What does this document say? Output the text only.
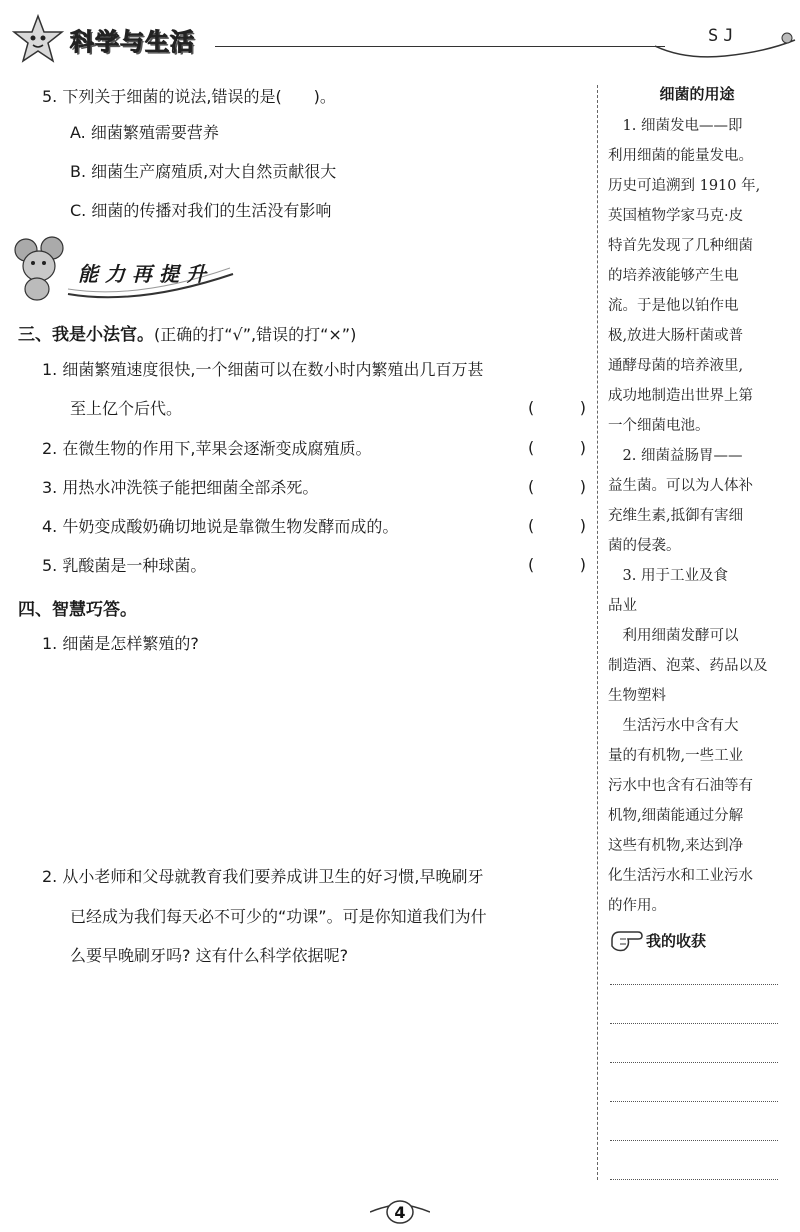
科学与生活	SJ
5. 下列关于细菌的说法,错误的是(　　)。
A. 细菌繁殖需要营养
B. 细菌生产腐殖质,对大自然贡献很大
C. 细菌的传播对我们的生活没有影响
能力再提升
三、我是小法官。(正确的打“√”,错误的打“×”)
1. 细菌繁殖速度很快,一个细菌可以在数小时内繁殖出几百万甚
至上亿个后代。	(	)
2. 在微生物的作用下,苹果会逐渐变成腐殖质。	(	)
3. 用热水冲洗筷子能把细菌全部杀死。	(	)
4. 牛奶变成酸奶确切地说是靠微生物发酵而成的。	(	)
5. 乳酸菌是一种球菌。	(	)
四、智慧巧答。
1. 细菌是怎样繁殖的?
2. 从小老师和父母就教育我们要养成讲卫生的好习惯,早晚刷牙
已经成为我们每天必不可少的“功课”。可是你知道我们为什
么要早晚刷牙吗? 这有什么科学依据呢?
细菌的用途
　1. 细菌发电——即
利用细菌的能量发电。
历史可追溯到 1910 年,
英国植物学家马克·皮
特首先发现了几种细菌
的培养液能够产生电
流。于是他以铂作电
极,放进大肠杆菌或普
通酵母菌的培养液里,
成功地制造出世界上第
一个细菌电池。
　2. 细菌益肠胃——
益生菌。可以为人体补
充维生素,抵御有害细
菌的侵袭。
　3. 用于工业及食
品业
　利用细菌发酵可以
制造酒、泡菜、药品以及
生物塑料
　生活污水中含有大
量的有机物,一些工业
污水中也含有石油等有
机物,细菌能通过分解
这些有机物,来达到净
化生活污水和工业污水
的作用。
我的收获
4
